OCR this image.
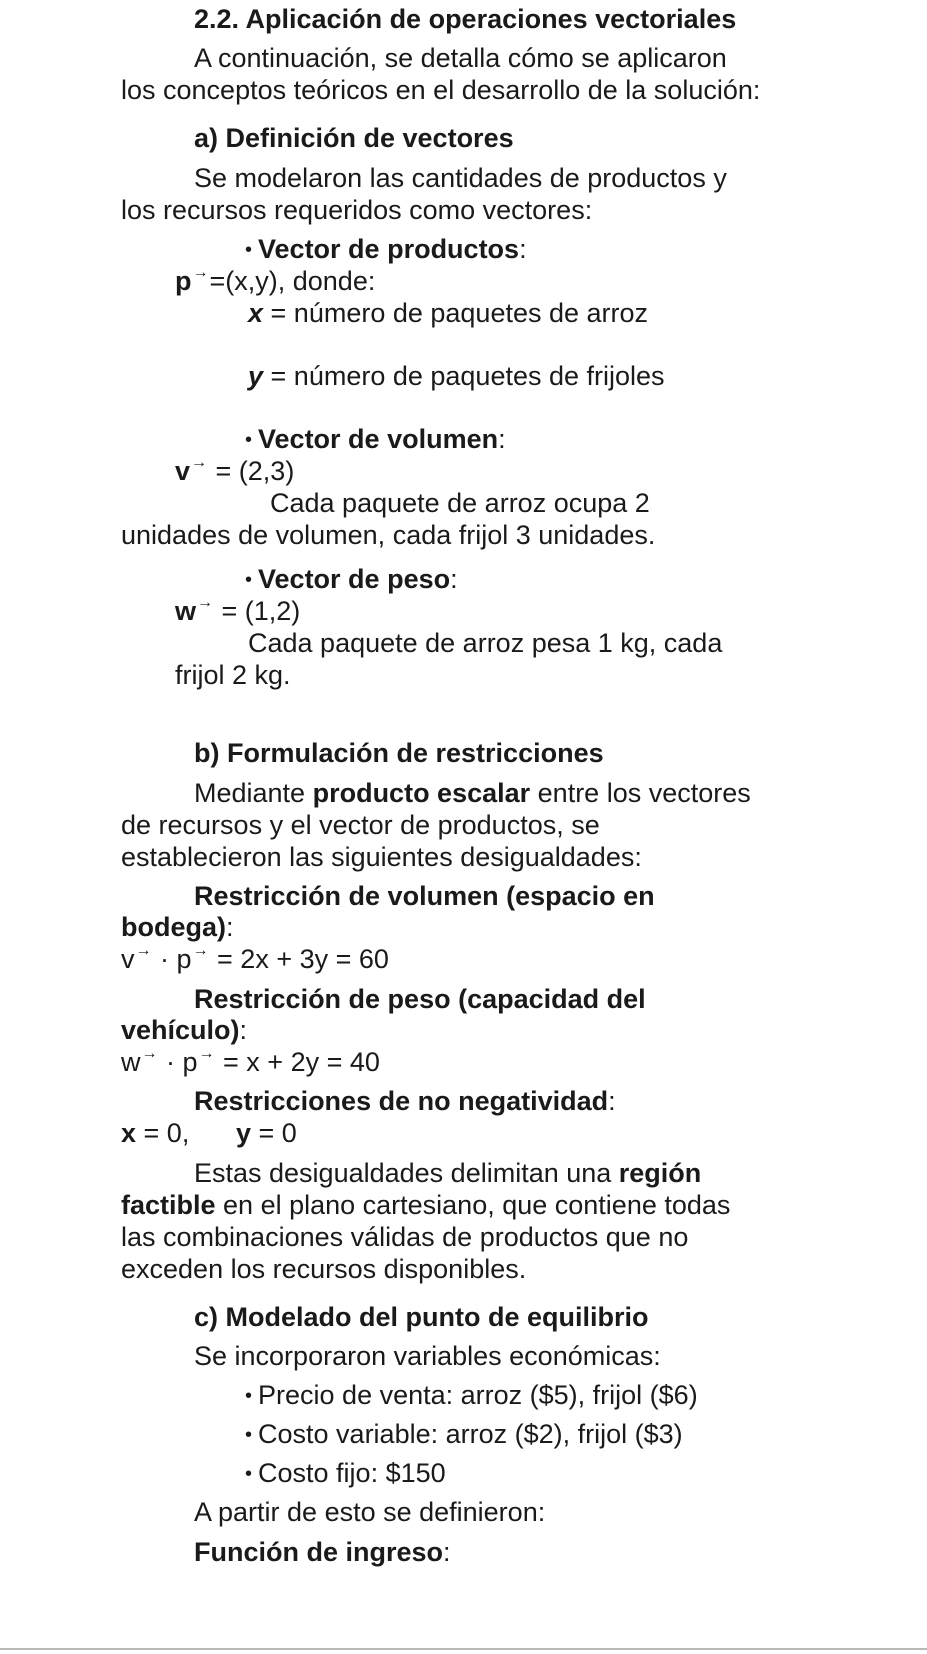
2.2. Aplicación de operaciones vectoriales
A continuación, se detalla cómo se aplicaron
los conceptos teóricos en el desarrollo de la solución:
a) Definición de vectores
Se modelaron las cantidades de productos y
los recursos requeridos como vectores:
• Vector de productos:
p→=(x,y), donde:
x = número de paquetes de arroz
y = número de paquetes de frijoles
• Vector de volumen:
v→ = (2,3)
Cada paquete de arroz ocupa 2
unidades de volumen, cada frijol 3 unidades.
• Vector de peso:
w→ = (1,2)
Cada paquete de arroz pesa 1 kg, cada
frijol 2 kg.
b) Formulación de restricciones
Mediante producto escalar entre los vectores
de recursos y el vector de productos, se
establecieron las siguientes desigualdades:
Restricción de volumen (espacio en
bodega):
v→ · p→ = 2x + 3y = 60
Restricción de peso (capacidad del
vehículo):
w→ · p→ = x + 2y = 40
Restricciones de no negatividad:
x = 0, y = 0
Estas desigualdades delimitan una región
factible en el plano cartesiano, que contiene todas
las combinaciones válidas de productos que no
exceden los recursos disponibles.
c) Modelado del punto de equilibrio
Se incorporaron variables económicas:
• Precio de venta: arroz ($5), frijol ($6)
• Costo variable: arroz ($2), frijol ($3)
• Costo fijo: $150
A partir de esto se definieron:
Función de ingreso:
